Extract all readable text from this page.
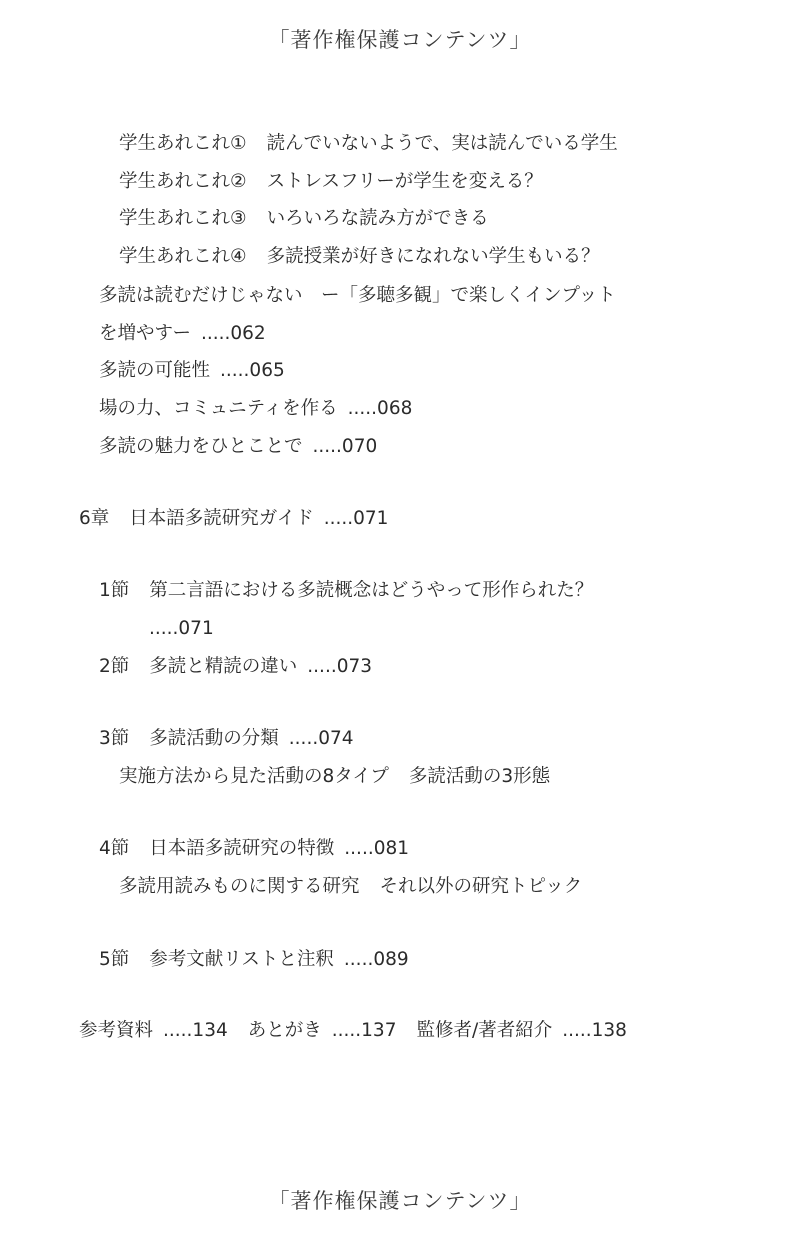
「著作権保護コンテンツ」
学生あれこれ① 読んでいないようで、実は読んでいる学生
学生あれこれ② ストレスフリーが学生を変える？
学生あれこれ③ いろいろな読み方ができる
学生あれこれ④ 多読授業が好きになれない学生もいる？
多読は読むだけじゃない　ー「多聴多観」で楽しくインプット
を増やすー .....062
多読の可能性 .....065
場の力、コミュニティを作る .....068
多読の魅力をひとことで .....070
6章 日本語多読研究ガイド .....071
1節 第二言語における多読概念はどうやって形作られた？
.....071
2節 多読と精読の違い .....073
3節 多読活動の分類 .....074
実施方法から見た活動の8タイプ 多読活動の3形態
4節 日本語多読研究の特徴 .....081
多読用読みものに関する研究 それ以外の研究トピック
5節 参考文献リストと注釈 .....089
参考資料 .....134 あとがき .....137 監修者/著者紹介 .....138
「著作権保護コンテンツ」
